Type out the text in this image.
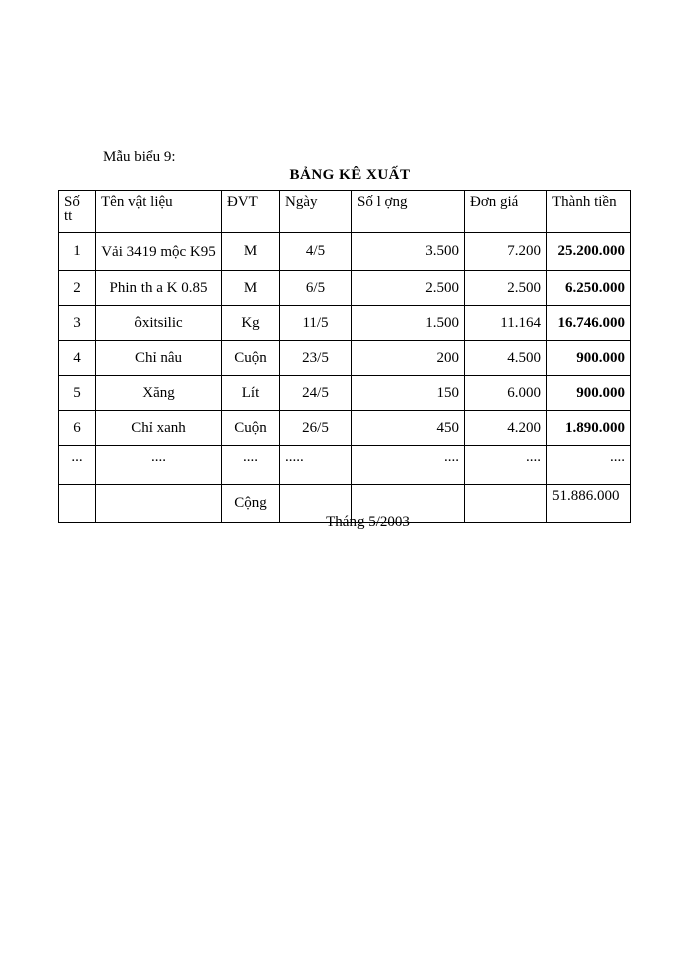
Mẫu biểu 9:
BẢNG KÊ XUẤT
Số tt	Tên vật liệu	ĐVT	Ngày	Số l ợng	Đơn giá	Thành tiền
1	Vải 3419 mộc K95	M	4/5	3.500	7.200	25.200.000
2	Phin th a K 0.85	M	6/5	2.500	2.500	6.250.000
3	ôxitsilic	Kg	11/5	1.500	11.164	16.746.000
4	Chỉ nâu	Cuộn	23/5	200	4.500	900.000
5	Xăng	Lít	24/5	150	6.000	900.000
6	Chỉ xanh	Cuộn	26/5	450	4.200	1.890.000
...	....	....	.....	....	....	....
		Cộng				51.886.000
Tháng 5/2003
